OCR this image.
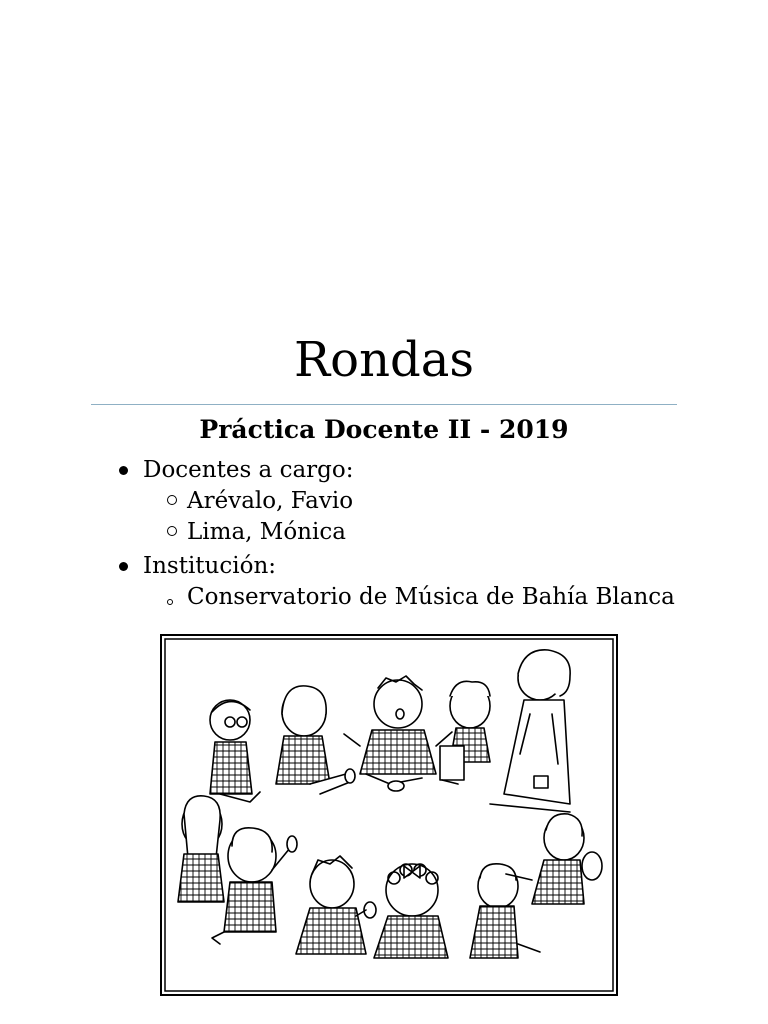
Rondas
Práctica Docente II - 2019
Docentes a cargo:
Arévalo, Favio
Lima, Mónica
Institución:
Conservatorio de Música de Bahía Blanca
